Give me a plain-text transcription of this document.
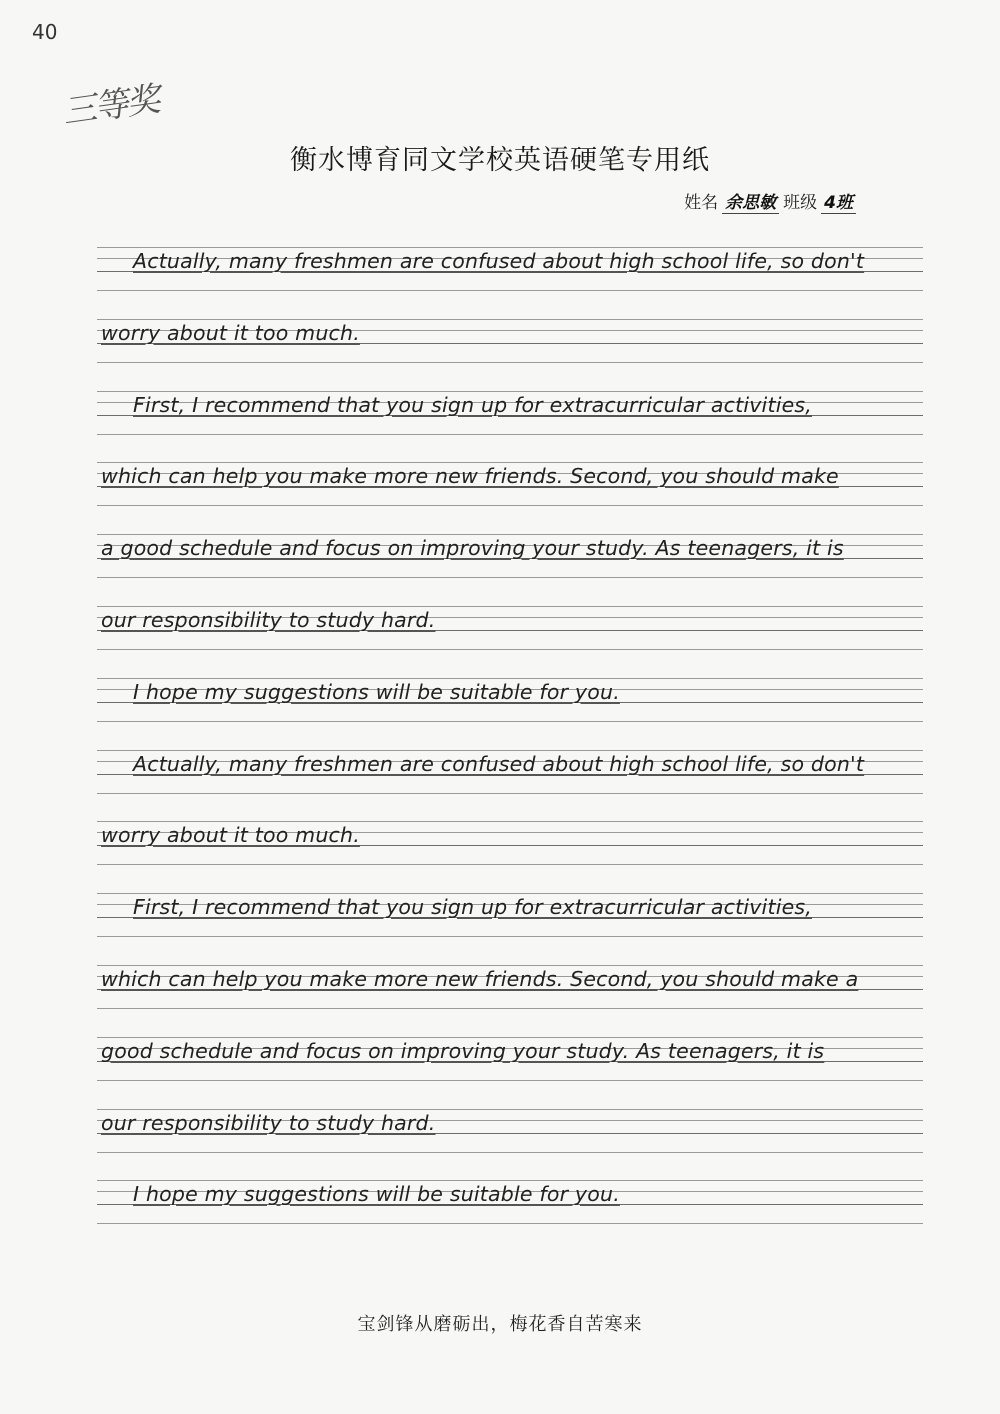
40
三等奖
衡水博育同文学校英语硬笔专用纸
姓名 余思敏 班级 4班
Actually, many freshmen are confused about high school life, so don't
worry about it too much.
First, I recommend that you sign up for extracurricular activities,
which can help you make more new friends. Second, you should make
a good schedule and focus on improving your study. As teenagers, it is
our responsibility to study hard.
I hope my suggestions will be suitable for you.
Actually, many freshmen are confused about high school life, so don't
worry about it too much.
First, I recommend that you sign up for extracurricular activities,
which can help you make more new friends. Second, you should make a
good schedule and focus on improving your study. As teenagers, it is
our responsibility to study hard.
I hope my suggestions will be suitable for you.
宝剑锋从磨砺出，梅花香自苦寒来
